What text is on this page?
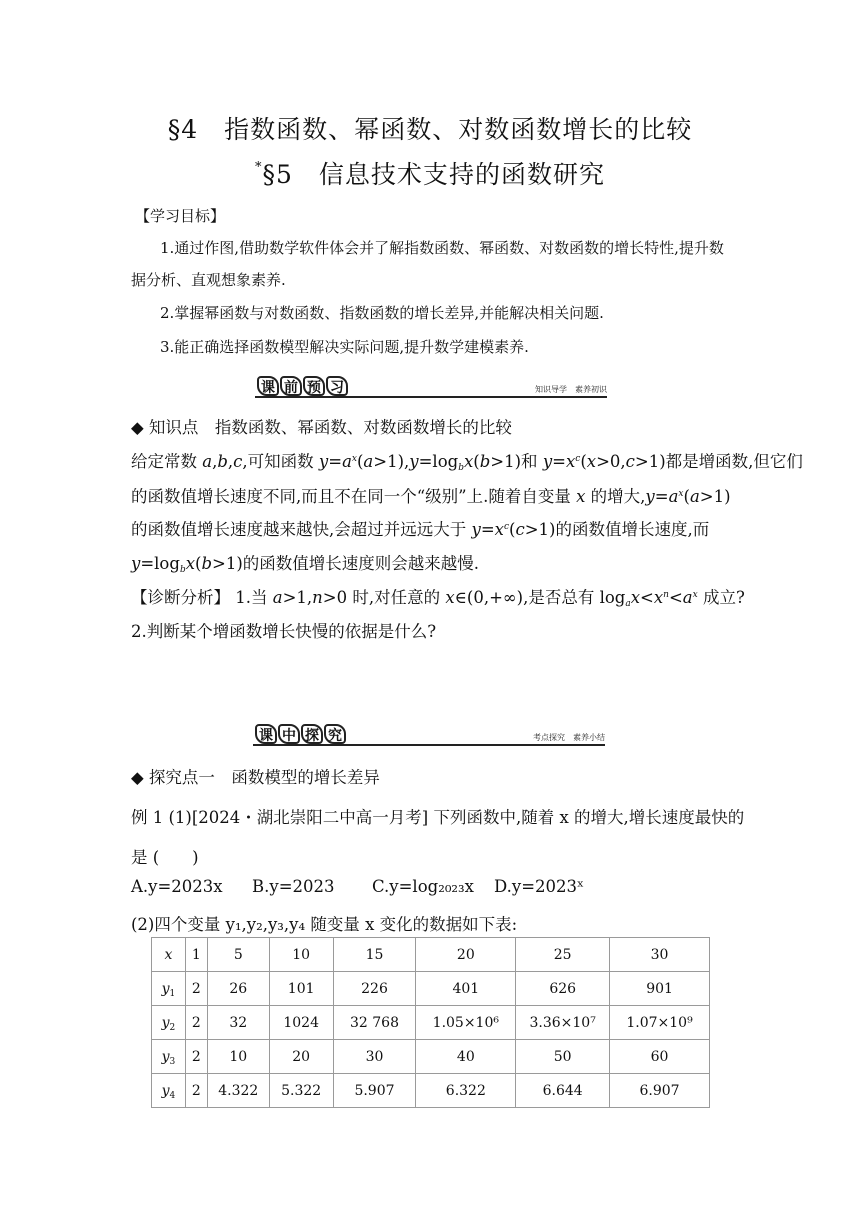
§4　指数函数、幂函数、对数函数增长的比较
*§5　信息技术支持的函数研究
【学习目标】
1.通过作图,借助数学软件体会并了解指数函数、幂函数、对数函数的增长特性,提升数
据分析、直观想象素养.
2.掌握幂函数与对数函数、指数函数的增长差异,并能解决相关问题.
3.能正确选择函数模型解决实际问题,提升数学建模素养.
课 前 预 习	知识导学　素养初识
◆ 知识点　指数函数、幂函数、对数函数增长的比较
给定常数 a,b,c,可知函数 $y=a^x(a>1),y=\log_bx(b>1)$和 $y=x^c(x>0,c>1)$都是增函数,但它们
的函数值增长速度不同,而且不在同一个“级别”上.随着自变量 x 的增大$,y=a^x(a>1)$
的函数值增长速度越来越快,会超过并远远大于 $y=x^c(c>1)$的函数值增长速度,而
$y=\log_bx(b>1)$的函数值增长速度则会越来越慢.
【诊断分析】 1.当 a>1,n>0 时,对任意的 x∈(0,+∞),是否总有 $\log_ax<x^n<a^x$ 成立?
2.判断某个增函数增长快慢的依据是什么?
课 中 探 究	考点探究　素养小结
◆ 探究点一　函数模型的增长差异
例 1 (1)[2024・湖北崇阳二中高一月考] 下列函数中,随着 x 的增大,增长速度最快的
是 (　　)
A.y=2023x B.y=2023 C.y=log₂₀₂₃x D.y=2023ˣ
(2)四个变量 y₁,y₂,y₃,y₄ 随变量 x 变化的数据如下表:
x	1	5	10	15	20	25	30
$y_1$	2	26	101	226	401	626	901
$y_2$	2	32	1024	32 768	1.05×10⁶	3.36×10⁷	1.07×10⁹
$y_3$	2	10	20	30	40	50	60
$y_4$	2	4.322	5.322	5.907	6.322	6.644	6.907
